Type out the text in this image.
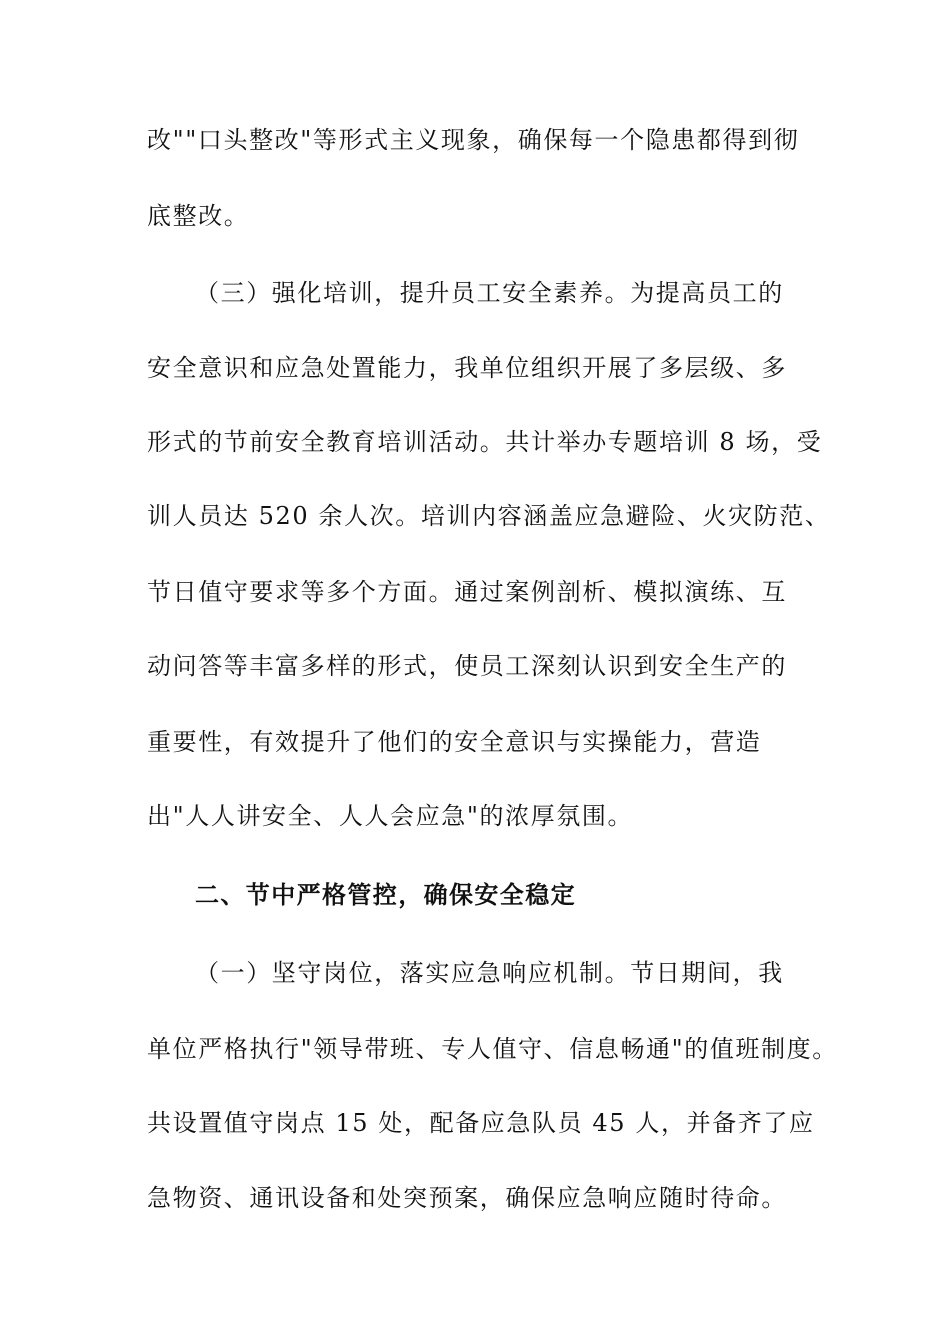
改""口头整改"等形式主义现象，确保每一个隐患都得到彻
底整改。
（三）强化培训，提升员工安全素养。为提高员工的
安全意识和应急处置能力，我单位组织开展了多层级、多
形式的节前安全教育培训活动。共计举办专题培训 8 场，受
训人员达 520 余人次。培训内容涵盖应急避险、火灾防范、
节日值守要求等多个方面。通过案例剖析、模拟演练、互
动问答等丰富多样的形式，使员工深刻认识到安全生产的
重要性，有效提升了他们的安全意识与实操能力，营造
出"人人讲安全、人人会应急"的浓厚氛围。
二、节中严格管控，确保安全稳定
（一）坚守岗位，落实应急响应机制。节日期间，我
单位严格执行"领导带班、专人值守、信息畅通"的值班制度。
共设置值守岗点 15 处，配备应急队员 45 人，并备齐了应
急物资、通讯设备和处突预案，确保应急响应随时待命。
